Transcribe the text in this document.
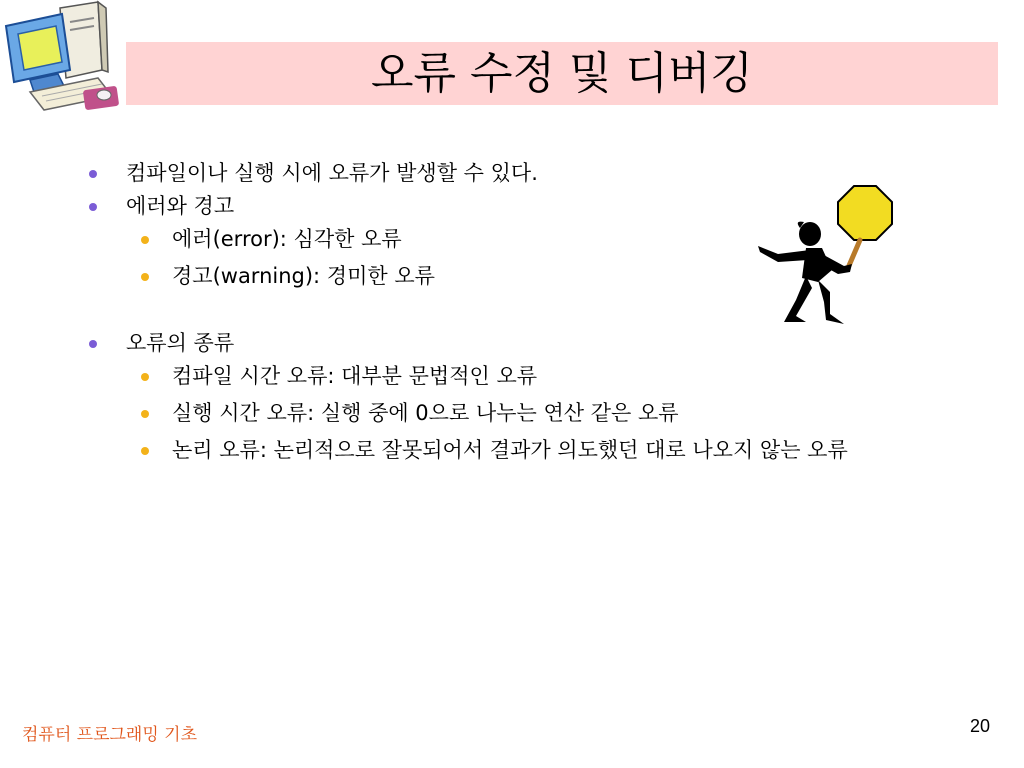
오류 수정 및 디버깅
컴파일이나 실행 시에 오류가 발생할 수 있다.
에러와 경고
에러(error): 심각한 오류
경고(warning): 경미한 오류
오류의 종류
컴파일 시간 오류: 대부분 문법적인 오류
실행 시간 오류: 실행 중에 0으로 나누는 연산 같은 오류
논리 오류: 논리적으로 잘못되어서 결과가 의도했던 대로 나오지 않는 오류
컴퓨터 프로그래밍 기초	20
